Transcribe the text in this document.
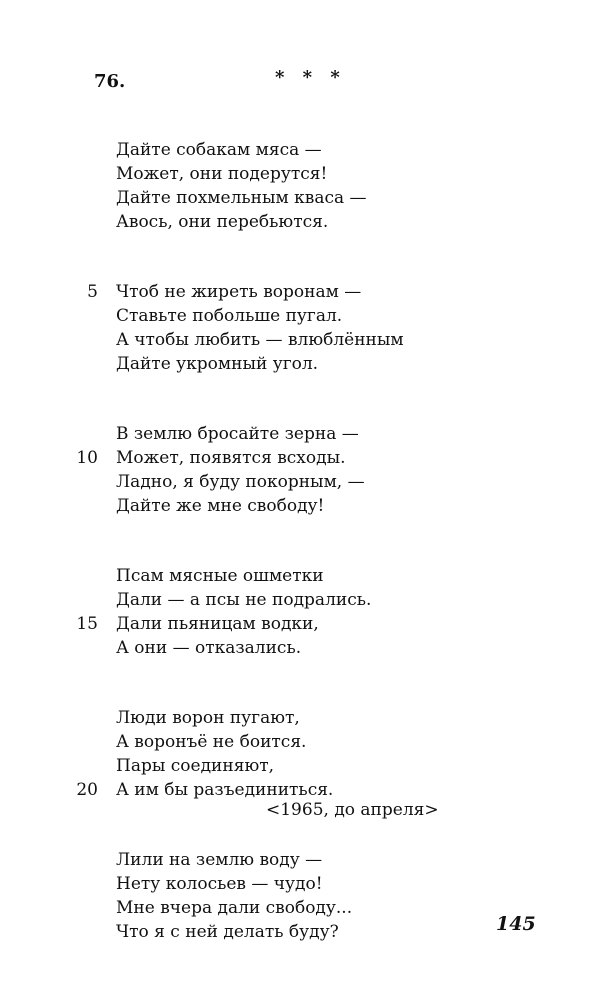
76.	* * *
Дайте собакам мяса —
Может, они подерутся!
Дайте похмельным кваса —
Авось, они перебьются.
5 Чтоб не жиреть воронам —
Ставьте побольше пугал.
А чтобы любить — влюблённым
Дайте укромный угол.
В землю бросайте зерна —
10 Может, появятся всходы.
Ладно, я буду покорным, —
Дайте же мне свободу!
Псам мясные ошметки
Дали — а псы не подрались.
15 Дали пьяницам водки,
А они — отказались.
Люди ворон пугают,
А воронъё не боится.
Пары соединяют,
20 А им бы разъединиться.
Лили на землю воду —
Нету колосьев — чудо!
Мне вчера дали свободу...
Что я с ней делать буду?
<1965, до апреля>
145
